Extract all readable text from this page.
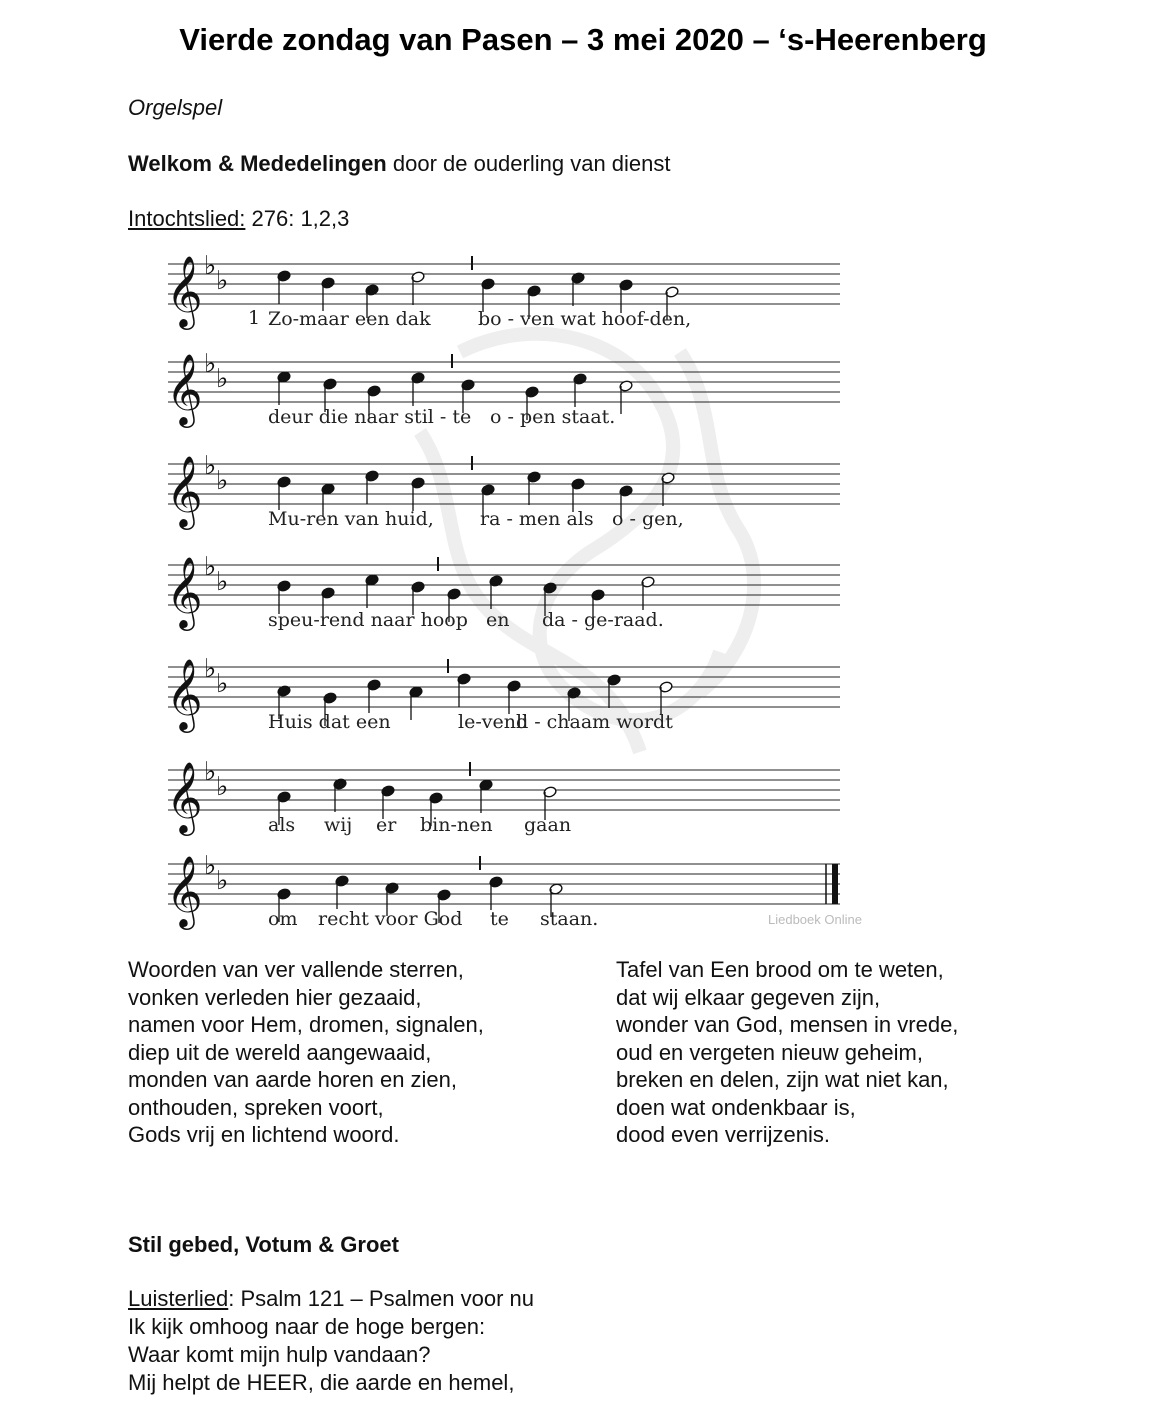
Vierde zondag van Pasen – 3 mei 2020 – ‘s-Heerenberg
Orgelspel
Welkom & Mededelingen door de ouderling van dienst
Intochtslied: 276: 1,2,3
𝄞 ♭ ♭
𝄞 ♭ ♭
𝄞 ♭ ♭
𝄞 ♭ ♭
𝄞 ♭ ♭
𝄞 ♭ ♭
𝄞 ♭ ♭
Zo-maar een dak bo - ven wat hoof-den,
deur die naar stil - te o - pen staat.
Mu-ren van huid, ra - men als o - gen,
speu-rend naar hoop en da - ge-raad.
Huis dat een	le-vend
li - chaam wordt
als wij er bin-nen gaan
om recht voor God te staan.
1
Liedboek Online
Woorden van ver vallende sterren,
vonken verleden hier gezaaid,
namen voor Hem, dromen, signalen,
diep uit de wereld aangewaaid,
monden van aarde horen en zien,
onthouden, spreken voort,
Gods vrij en lichtend woord.
Tafel van Een brood om te weten,
dat wij elkaar gegeven zijn,
wonder van God, mensen in vrede,
oud en vergeten nieuw geheim,
breken en delen, zijn wat niet kan,
doen wat ondenkbaar is,
dood even verrijzenis.
Stil gebed, Votum & Groet
Luisterlied: Psalm 121 – Psalmen voor nu
Ik kijk omhoog naar de hoge bergen:
Waar komt mijn hulp vandaan?
Mij helpt de HEER, die aarde en hemel,
